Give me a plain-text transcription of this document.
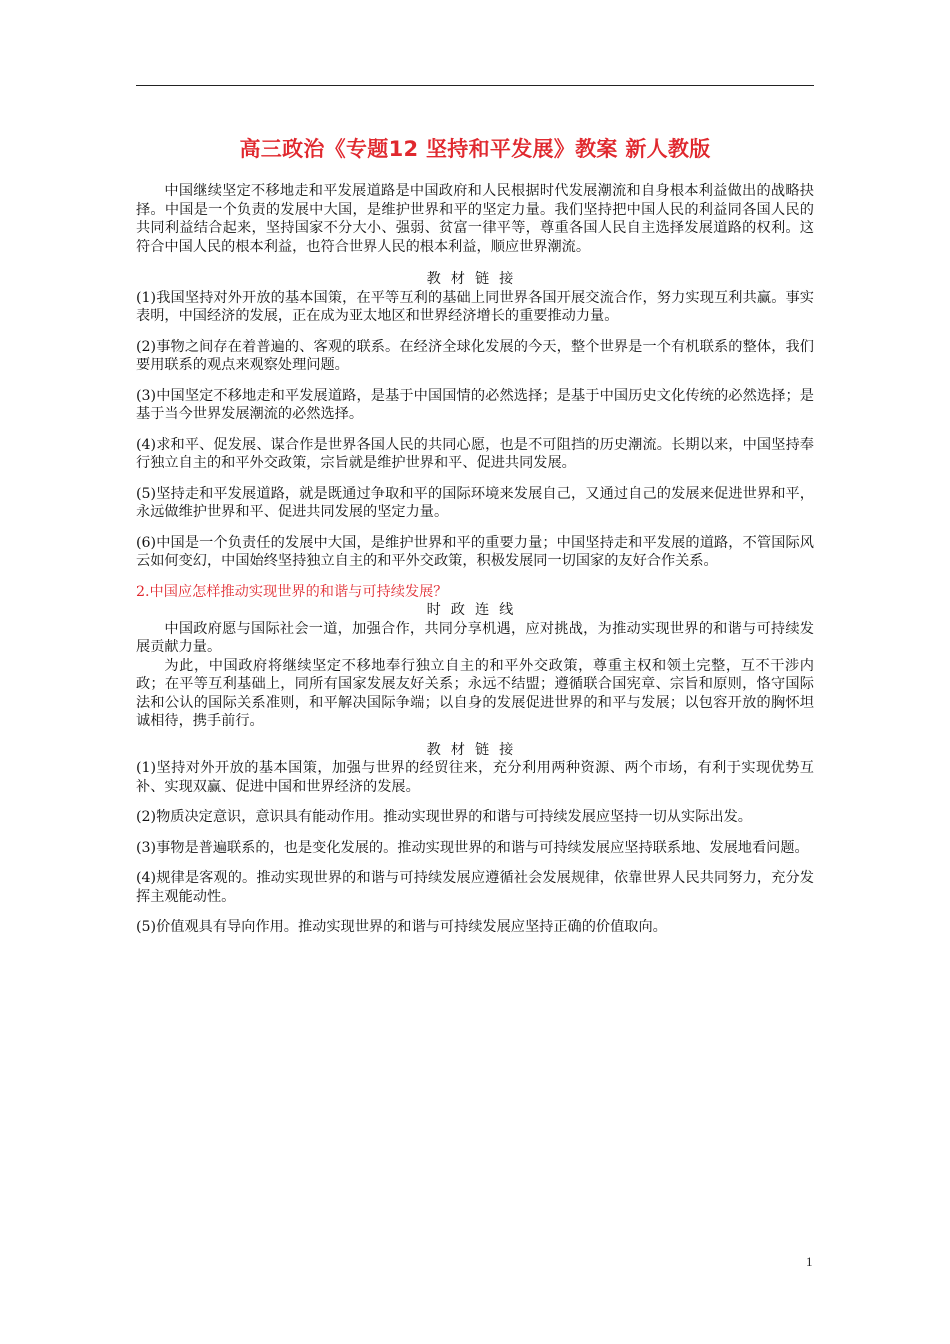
高三政治《专题12 坚持和平发展》教案 新人教版

中国继续坚定不移地走和平发展道路是中国政府和人民根据时代发展潮流和自身根本利益做出的战略抉择。中国是一个负责的发展中大国，是维护世界和平的坚定力量。我们坚持把中国人民的利益同各国人民的共同利益结合起来，坚持国家不分大小、强弱、贫富一律平等，尊重各国人民自主选择发展道路的权利。这符合中国人民的根本利益，也符合世界人民的根本利益，顺应世界潮流。

教材链接

(1)我国坚持对外开放的基本国策，在平等互利的基础上同世界各国开展交流合作，努力实现互利共赢。事实表明，中国经济的发展，正在成为亚太地区和世界经济增长的重要推动力量。

(2)事物之间存在着普遍的、客观的联系。在经济全球化发展的今天，整个世界是一个有机联系的整体，我们要用联系的观点来观察处理问题。

(3)中国坚定不移地走和平发展道路，是基于中国国情的必然选择；是基于中国历史文化传统的必然选择；是基于当今世界发展潮流的必然选择。

(4)求和平、促发展、谋合作是世界各国人民的共同心愿，也是不可阻挡的历史潮流。长期以来，中国坚持奉行独立自主的和平外交政策，宗旨就是维护世界和平、促进共同发展。

(5)坚持走和平发展道路，就是既通过争取和平的国际环境来发展自己，又通过自己的发展来促进世界和平，永远做维护世界和平、促进共同发展的坚定力量。

(6)中国是一个负责任的发展中大国，是维护世界和平的重要力量；中国坚持走和平发展的道路，不管国际风云如何变幻，中国始终坚持独立自主的和平外交政策，积极发展同一切国家的友好合作关系。

2.中国应怎样推动实现世界的和谐与可持续发展？

时政连线

中国政府愿与国际社会一道，加强合作，共同分享机遇，应对挑战，为推动实现世界的和谐与可持续发展贡献力量。

为此，中国政府将继续坚定不移地奉行独立自主的和平外交政策，尊重主权和领土完整，互不干涉内政；在平等互利基础上，同所有国家发展友好关系；永远不结盟；遵循联合国宪章、宗旨和原则，恪守国际法和公认的国际关系准则，和平解决国际争端；以自身的发展促进世界的和平与发展；以包容开放的胸怀坦诚相待，携手前行。

教材链接

(1)坚持对外开放的基本国策，加强与世界的经贸往来，充分利用两种资源、两个市场，有利于实现优势互补、实现双赢、促进中国和世界经济的发展。

(2)物质决定意识，意识具有能动作用。推动实现世界的和谐与可持续发展应坚持一切从实际出发。

(3)事物是普遍联系的，也是变化发展的。推动实现世界的和谐与可持续发展应坚持联系地、发展地看问题。

(4)规律是客观的。推动实现世界的和谐与可持续发展应遵循社会发展规律，依靠世界人民共同努力，充分发挥主观能动性。

(5)价值观具有导向作用。推动实现世界的和谐与可持续发展应坚持正确的价值取向。

1
